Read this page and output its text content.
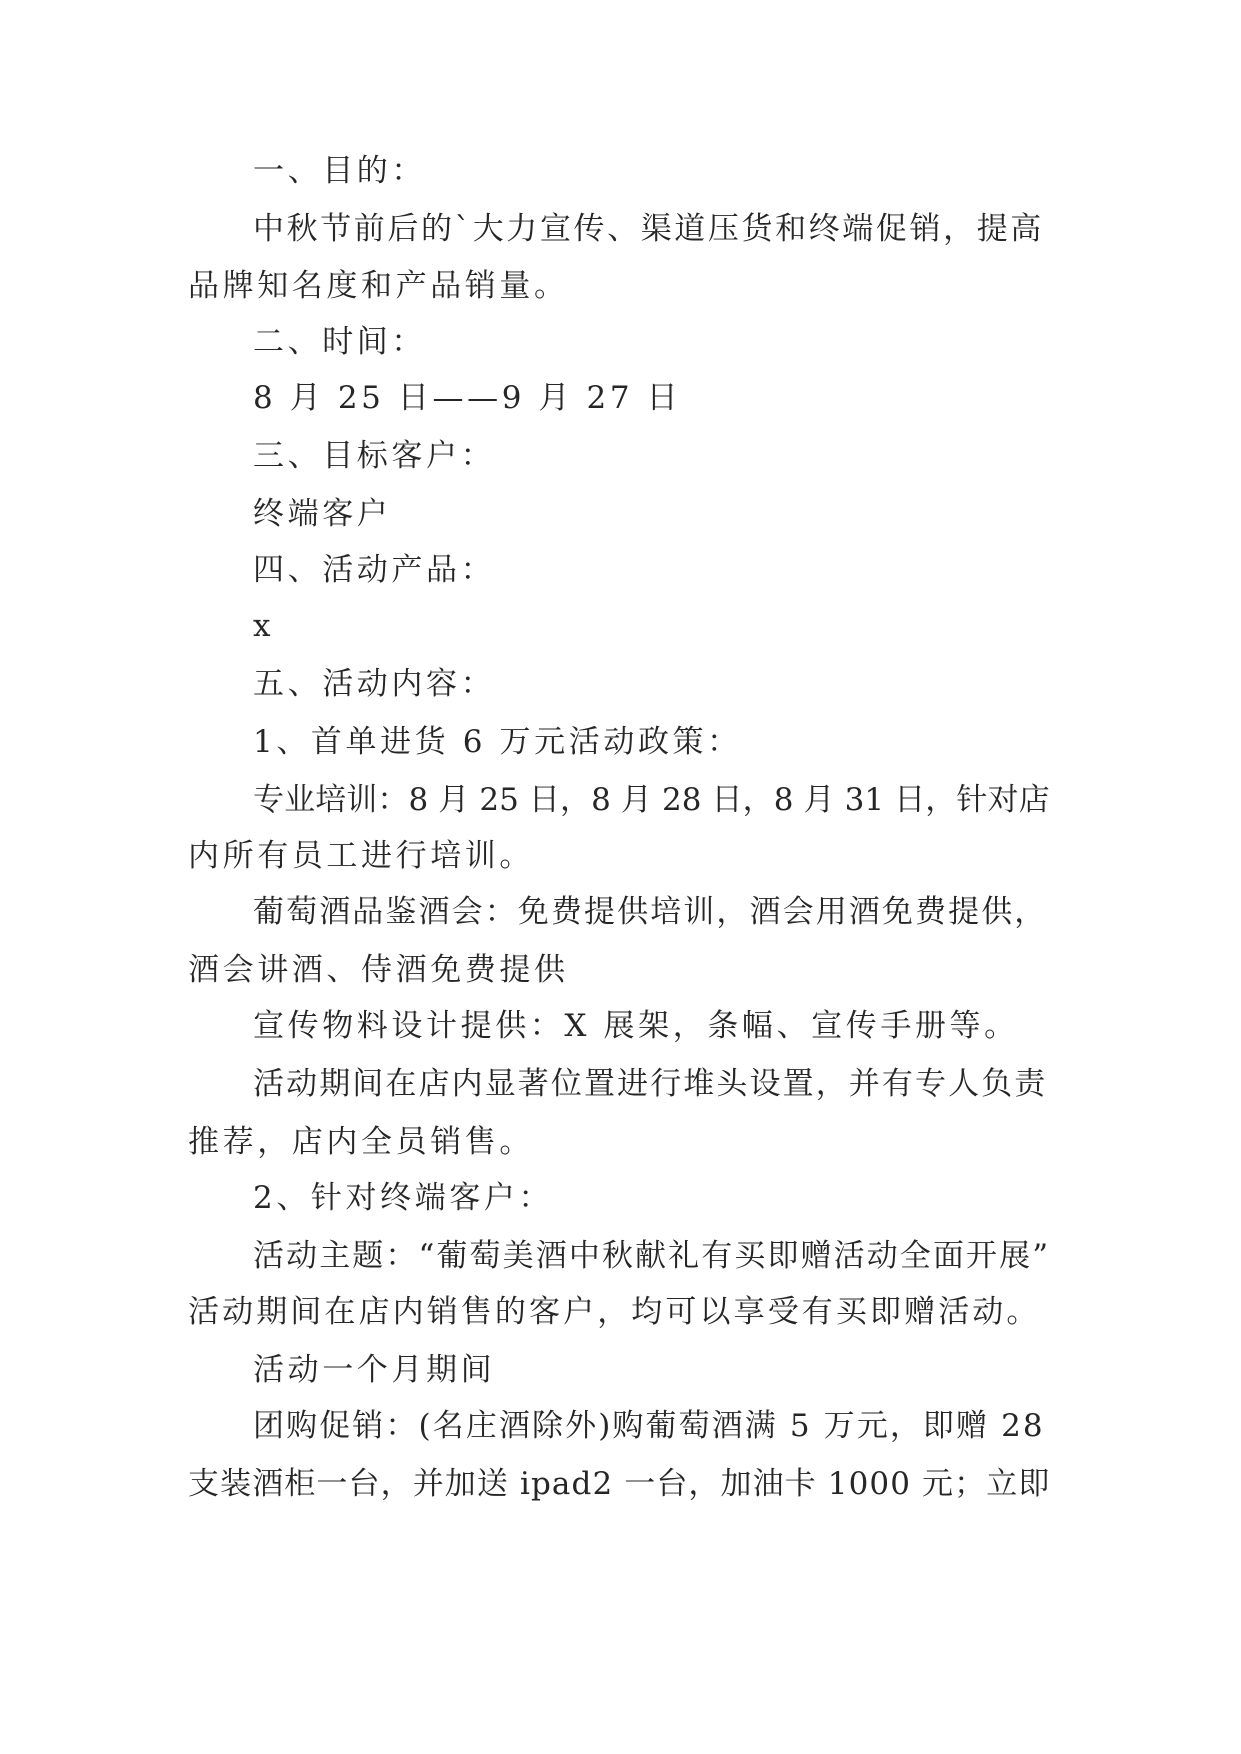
一、目的：

中秋节前后的`大力宣传、渠道压货和终端促销，提高

品牌知名度和产品销量。

二、时间：

8 月 25 日——9 月 27 日

三、目标客户：

终端客户

四、活动产品：

x

五、活动内容：

1、首单进货 6 万元活动政策：

专业培训：8 月 25 日，8 月 28 日，8 月 31 日，针对店

内所有员工进行培训。

葡萄酒品鉴酒会：免费提供培训，酒会用酒免费提供，

酒会讲酒、侍酒免费提供

宣传物料设计提供：X 展架，条幅、宣传手册等。

活动期间在店内显著位置进行堆头设置，并有专人负责

推荐，店内全员销售。

2、针对终端客户：

活动主题：“葡萄美酒中秋献礼有买即赠活动全面开展”

活动期间在店内销售的客户，均可以享受有买即赠活动。

活动一个月期间

团购促销：(名庄酒除外)购葡萄酒满 5 万元，即赠 28

支装酒柜一台，并加送 ipad2 一台，加油卡 1000 元；立即
